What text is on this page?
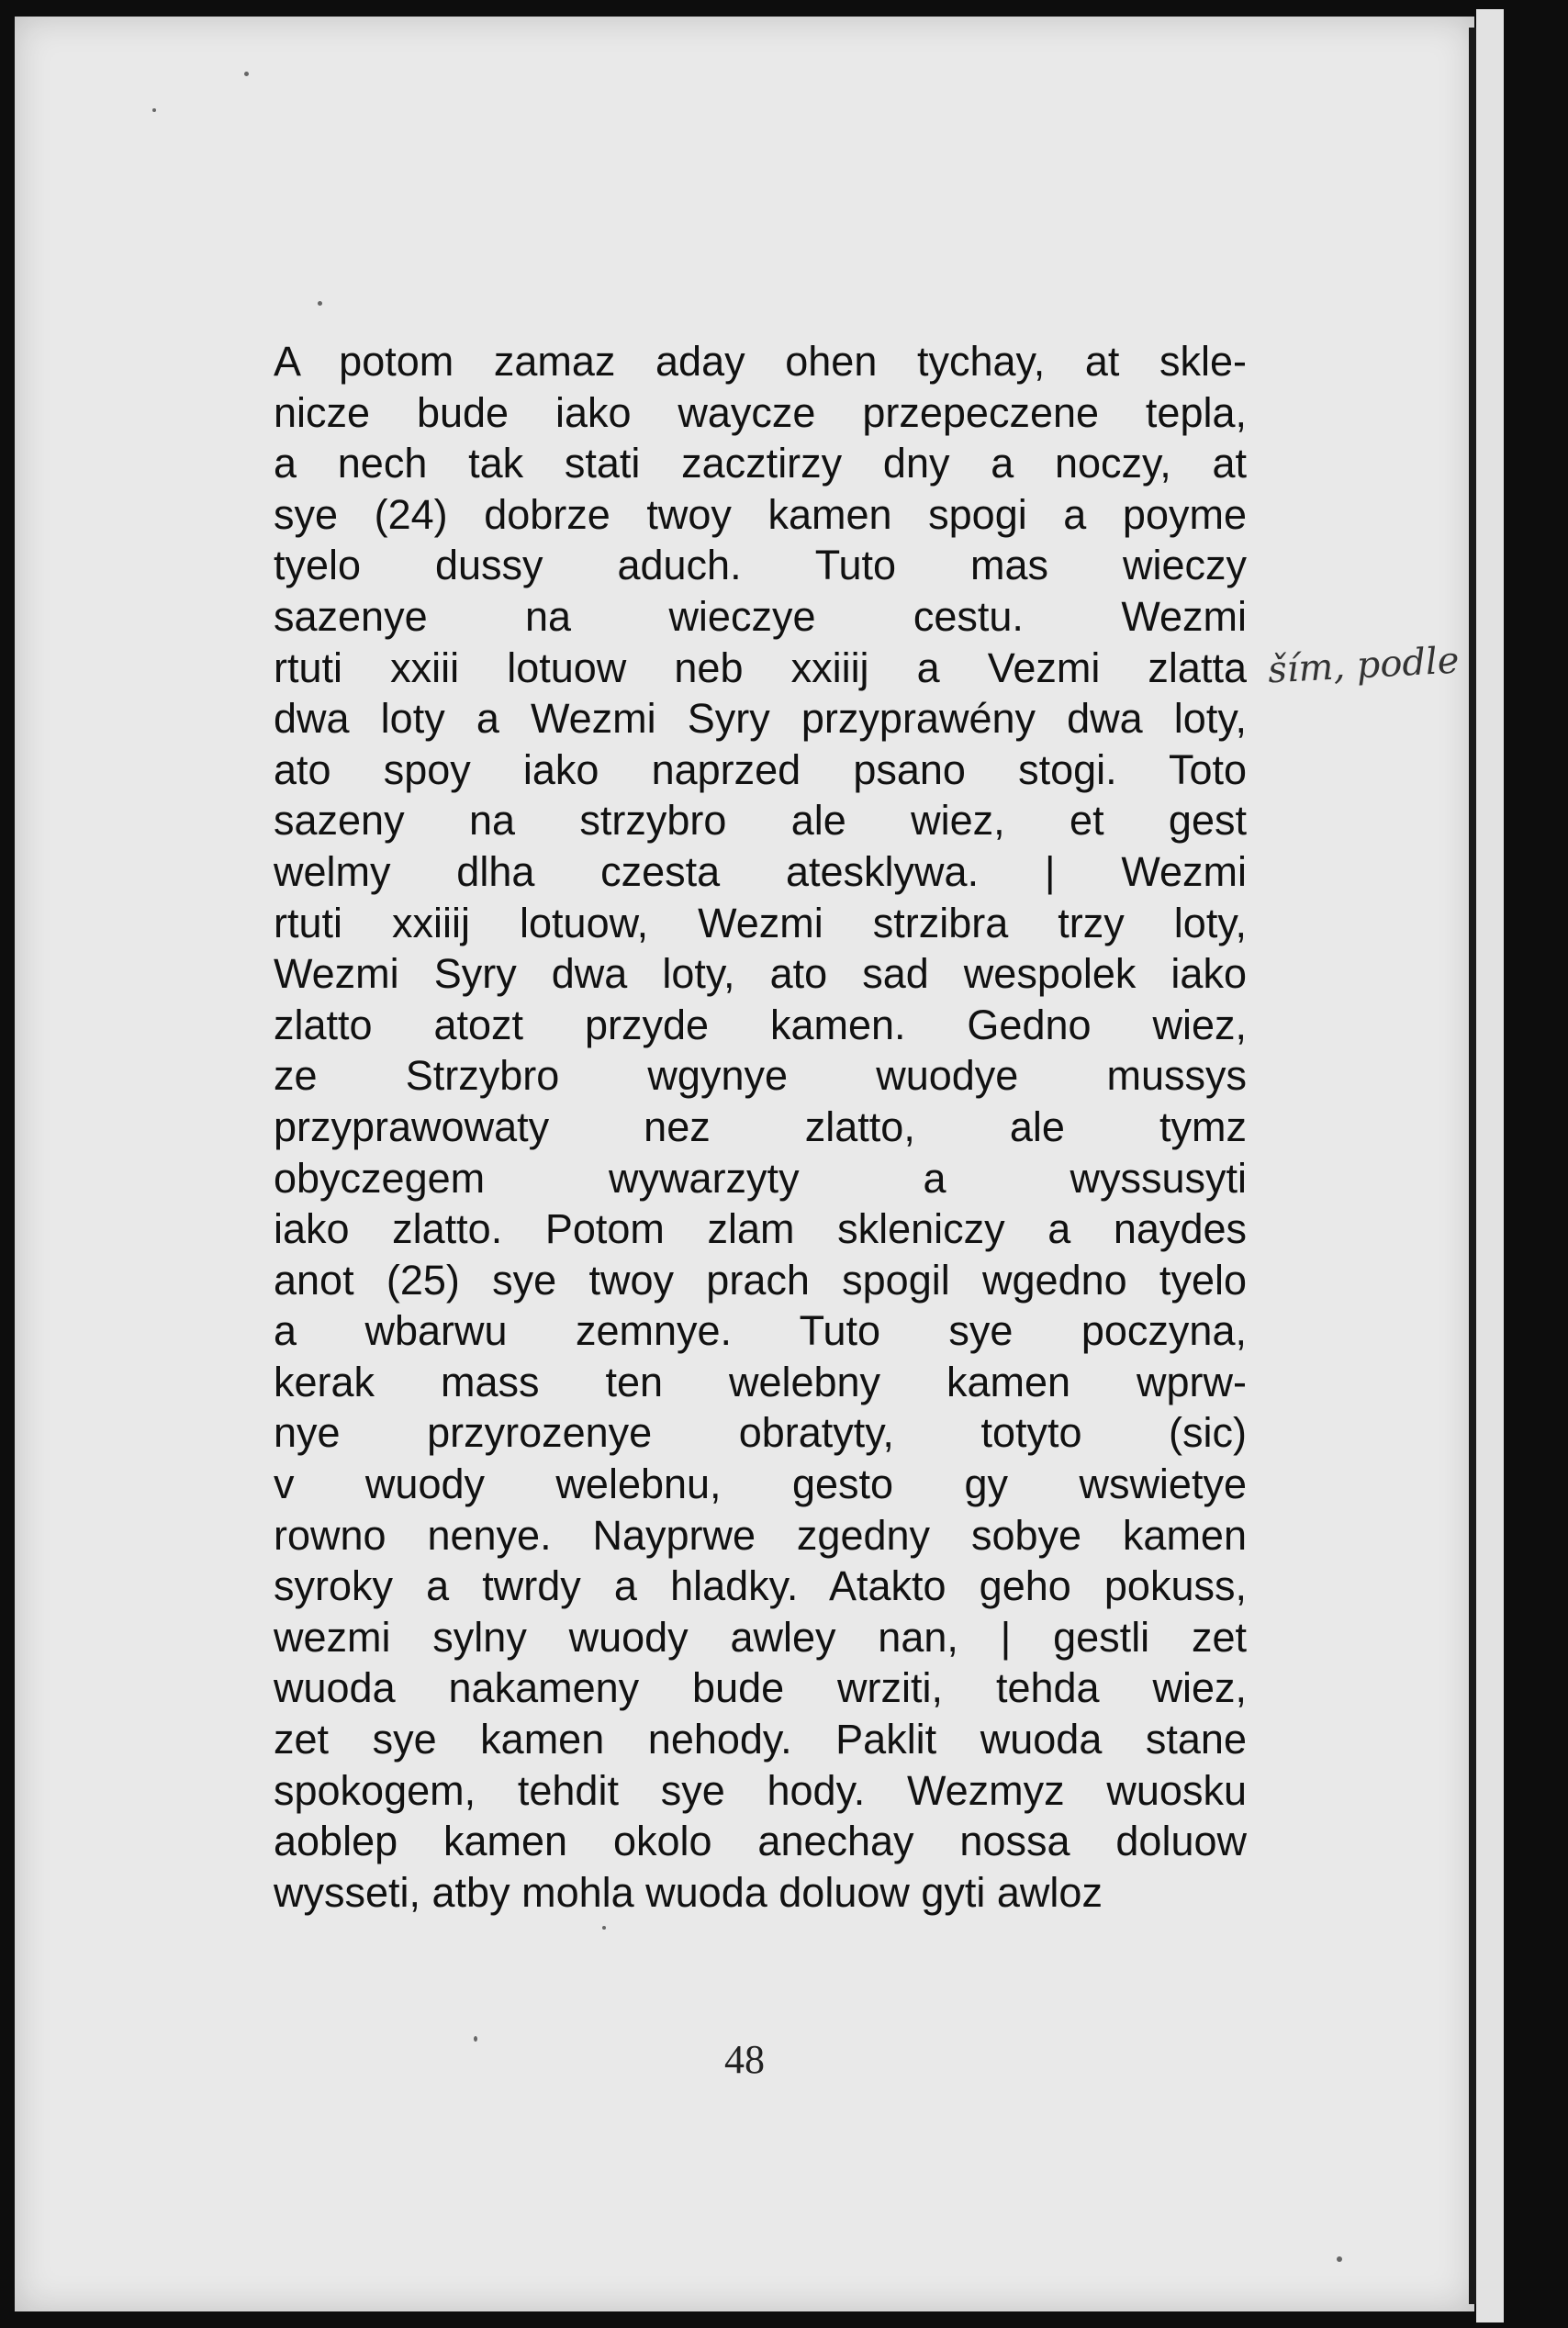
A potom zamaz aday ohen tychay, at skle-
nicze bude iako waycze przepeczene tepla,
a nech tak stati zacztirzy dny a noczy, at
sye (24) dobrze twoy kamen spogi a poyme
tyelo dussy aduch. Tuto mas wieczy
sazenye na wieczye cestu. Wezmi
rtuti xxiii lotuow neb xxiiij a Vezmi zlatta
dwa loty a Wezmi Syry przyprawény dwa loty,
ato spoy iako naprzed psano stogi. Toto
sazeny na strzybro ale wiez, et gest
welmy dlha czesta atesklywa. | Wezmi
rtuti xxiiij lotuow, Wezmi strzibra trzy loty,
Wezmi Syry dwa loty, ato sad wespolek iako
zlatto atozt przyde kamen. Gedno wiez,
ze Strzybro wgynye wuodye mussys
przyprawowaty nez zlatto, ale tymz
obyczegem wywarzyty a wyssusyti
iako zlatto. Potom zlam skleniczy a naydes
anot (25) sye twoy prach spogil wgedno tyelo
a wbarwu zemnye. Tuto sye poczyna,
kerak mass ten welebny kamen wprw-
nye przyrozenye obratyty, totyto (sic)
v wuody welebnu, gesto gy wswietye
rowno nenye. Nayprwe zgedny sobye kamen
syroky a twrdy a hladky. Atakto geho pokuss,
wezmi sylny wuody awley nan, | gestli zet
wuoda nakameny bude wrziti, tehda wiez,
zet sye kamen nehody. Paklit wuoda stane
spokogem, tehdit sye hody. Wezmyz wuosku
aoblep kamen okolo anechay nossa doluow
wysseti, atby mohla wuoda doluow gyti awloz
ším, podle
48
